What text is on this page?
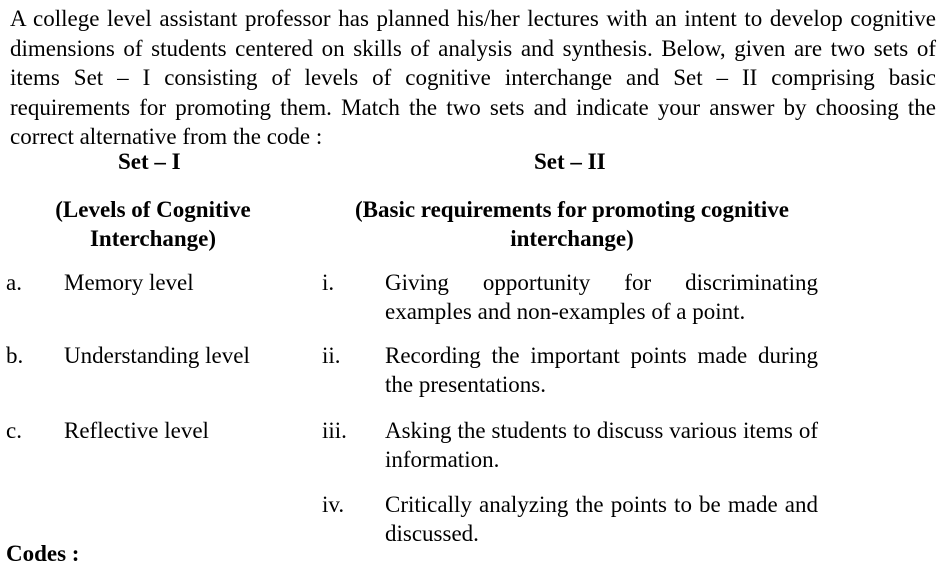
A college level assistant professor has planned his/her lectures with an intent to develop cognitive dimensions of students centered on skills of analysis and synthesis. Below, given are two sets of items Set – I consisting of levels of cognitive interchange and Set – II comprising basic requirements for promoting them. Match the two sets and indicate your answer by choosing the correct alternative from the code :

Set – I	Set – II
(Levels of Cognitive Interchange)
(Basic requirements for promoting cognitive interchange)
a. Memory level
b. Understanding level
c. Reflective level
i. Giving opportunity for discriminating examples and non-examples of a point.
ii. Recording the important points made during the presentations.
iii. Asking the students to discuss various items of information.
iv. Critically analyzing the points to be made and discussed.
Codes :
